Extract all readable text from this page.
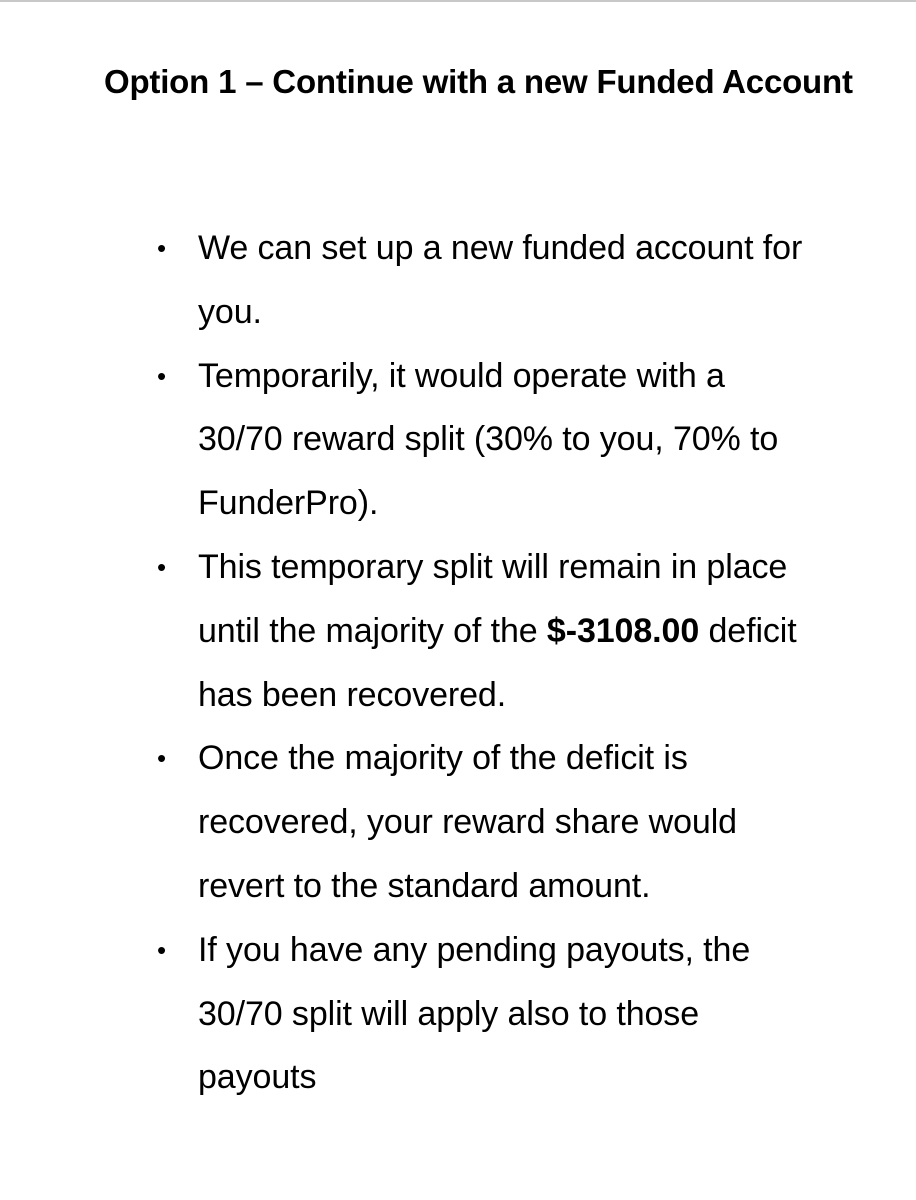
Option 1 – Continue with a new Funded Account
• We can set up a new funded account for you.
• Temporarily, it would operate with a 30/70 reward split (30% to you, 70% to FunderPro).
• This temporary split will remain in place until the majority of the $-3108.00 deficit has been recovered.
• Once the majority of the deficit is recovered, your reward share would revert to the standard amount.
• If you have any pending payouts, the 30/70 split will apply also to those payouts
